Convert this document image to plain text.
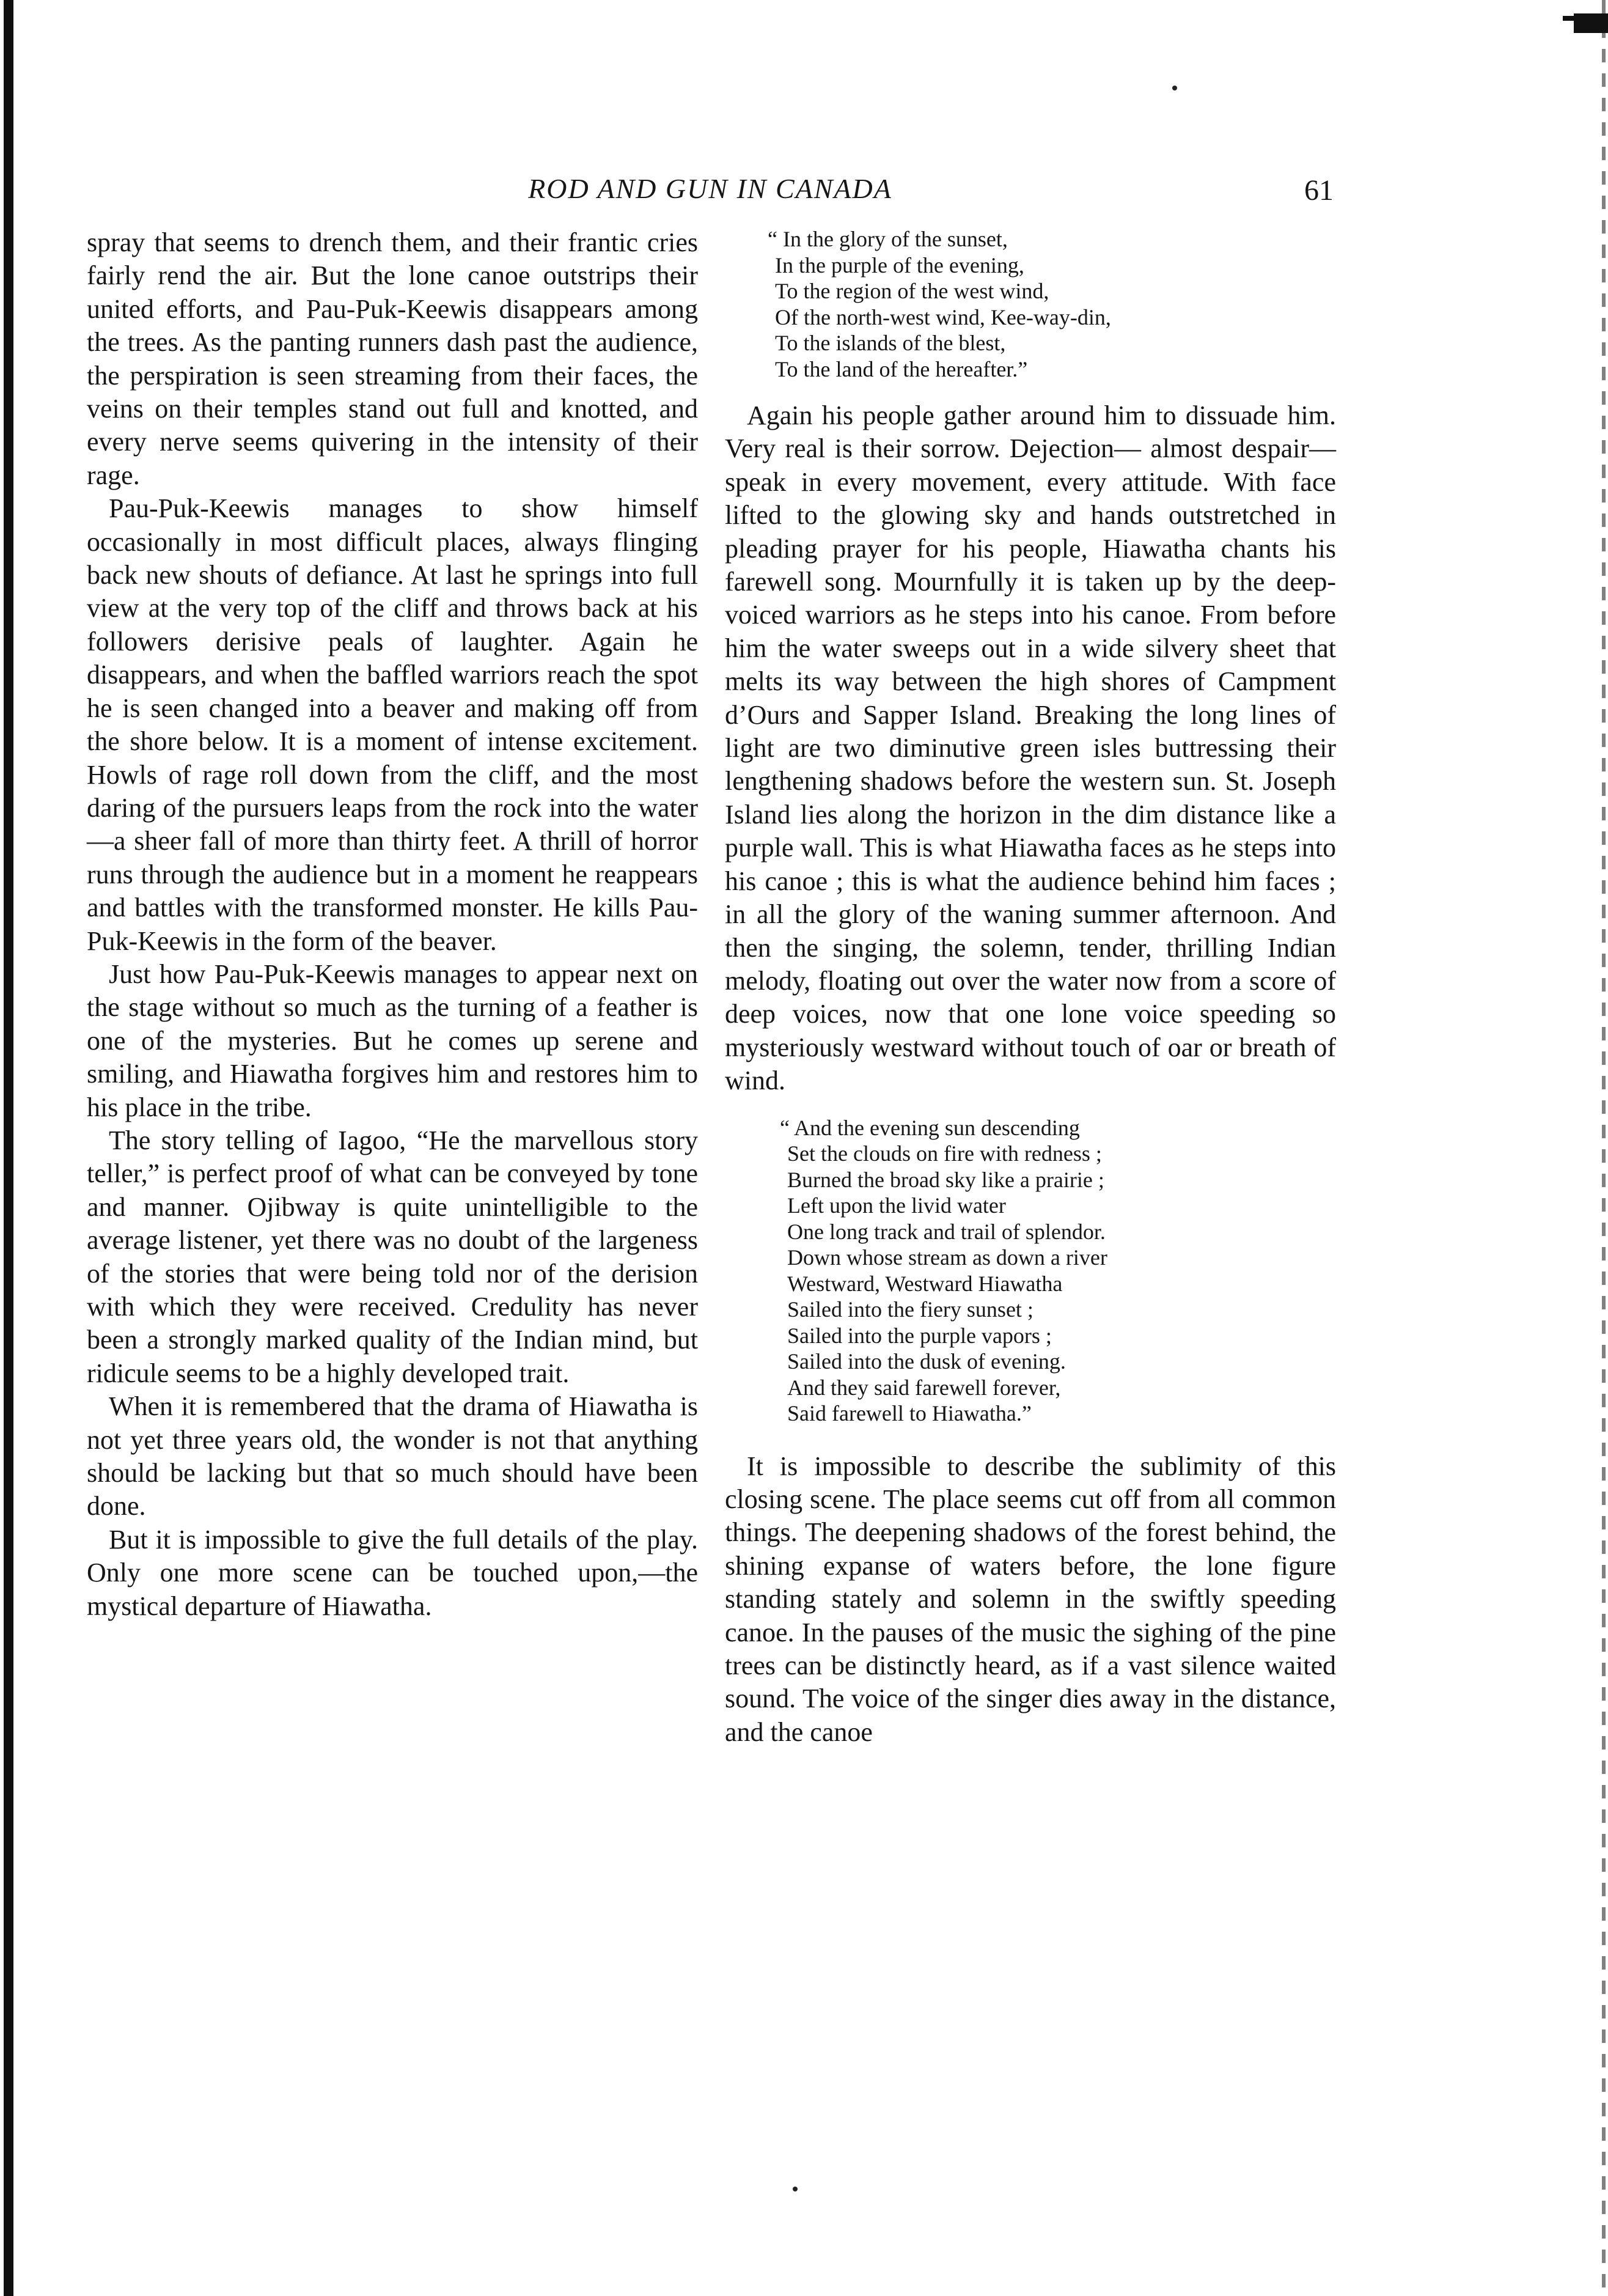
ROD AND GUN IN CANADA	61

spray that seems to drench them, and their frantic cries fairly rend the air. But the lone canoe outstrips their united efforts, and Pau-Puk-Keewis disappears among the trees. As the panting runners dash past the audience, the perspiration is seen streaming from their faces, the veins on their temples stand out full and knotted, and every nerve seems quivering in the intensity of their rage.

Pau-Puk-Keewis manages to show himself occasionally in most difficult places, always flinging back new shouts of defiance. At last he springs into full view at the very top of the cliff and throws back at his followers derisive peals of laughter. Again he disappears, and when the baffled warriors reach the spot he is seen changed into a beaver and making off from the shore below. It is a moment of intense excitement. Howls of rage roll down from the cliff, and the most daring of the pursuers leaps from the rock into the water—a sheer fall of more than thirty feet. A thrill of horror runs through the audience but in a moment he reappears and battles with the transformed monster. He kills Pau-Puk-Keewis in the form of the beaver.

Just how Pau-Puk-Keewis manages to appear next on the stage without so much as the turning of a feather is one of the mysteries. But he comes up serene and smiling, and Hiawatha forgives him and restores him to his place in the tribe.

The story telling of Iagoo, “He the marvellous story teller,” is perfect proof of what can be conveyed by tone and manner. Ojibway is quite unintelligible to the average listener, yet there was no doubt of the largeness of the stories that were being told nor of the derision with which they were received. Credulity has never been a strongly marked quality of the Indian mind, but ridicule seems to be a highly developed trait.

When it is remembered that the drama of Hiawatha is not yet three years old, the wonder is not that anything should be lacking but that so much should have been done.

But it is impossible to give the full details of the play. Only one more scene can be touched upon,—the mystical departure of Hiawatha.

“ In the glory of the sunset,
In the purple of the evening,
To the region of the west wind,
Of the north-west wind, Kee-way-din,
To the islands of the blest,
To the land of the hereafter.”

Again his people gather around him to dissuade him. Very real is their sorrow. Dejection— almost despair— speak in every movement, every attitude. With face lifted to the glowing sky and hands outstretched in pleading prayer for his people, Hiawatha chants his farewell song. Mournfully it is taken up by the deep-voiced warriors as he steps into his canoe. From before him the water sweeps out in a wide silvery sheet that melts its way between the high shores of Campment d’Ours and Sapper Island. Breaking the long lines of light are two diminutive green isles buttressing their lengthening shadows before the western sun. St. Joseph Island lies along the horizon in the dim distance like a purple wall. This is what Hiawatha faces as he steps into his canoe ; this is what the audience behind him faces ; in all the glory of the waning summer afternoon. And then the singing, the solemn, tender, thrilling Indian melody, floating out over the water now from a score of deep voices, now that one lone voice speeding so mysteriously westward without touch of oar or breath of wind.

“ And the evening sun descending
Set the clouds on fire with redness ;
Burned the broad sky like a prairie ;
Left upon the livid water
One long track and trail of splendor.
Down whose stream as down a river
Westward, Westward Hiawatha
Sailed into the fiery sunset ;
Sailed into the purple vapors ;
Sailed into the dusk of evening.
And they said farewell forever,
Said farewell to Hiawatha.”

It is impossible to describe the sublimity of this closing scene. The place seems cut off from all common things. The deepening shadows of the forest behind, the shining expanse of waters before, the lone figure standing stately and solemn in the swiftly speeding canoe. In the pauses of the music the sighing of the pine trees can be distinctly heard, as if a vast silence waited sound. The voice of the singer dies away in the distance, and the canoe
